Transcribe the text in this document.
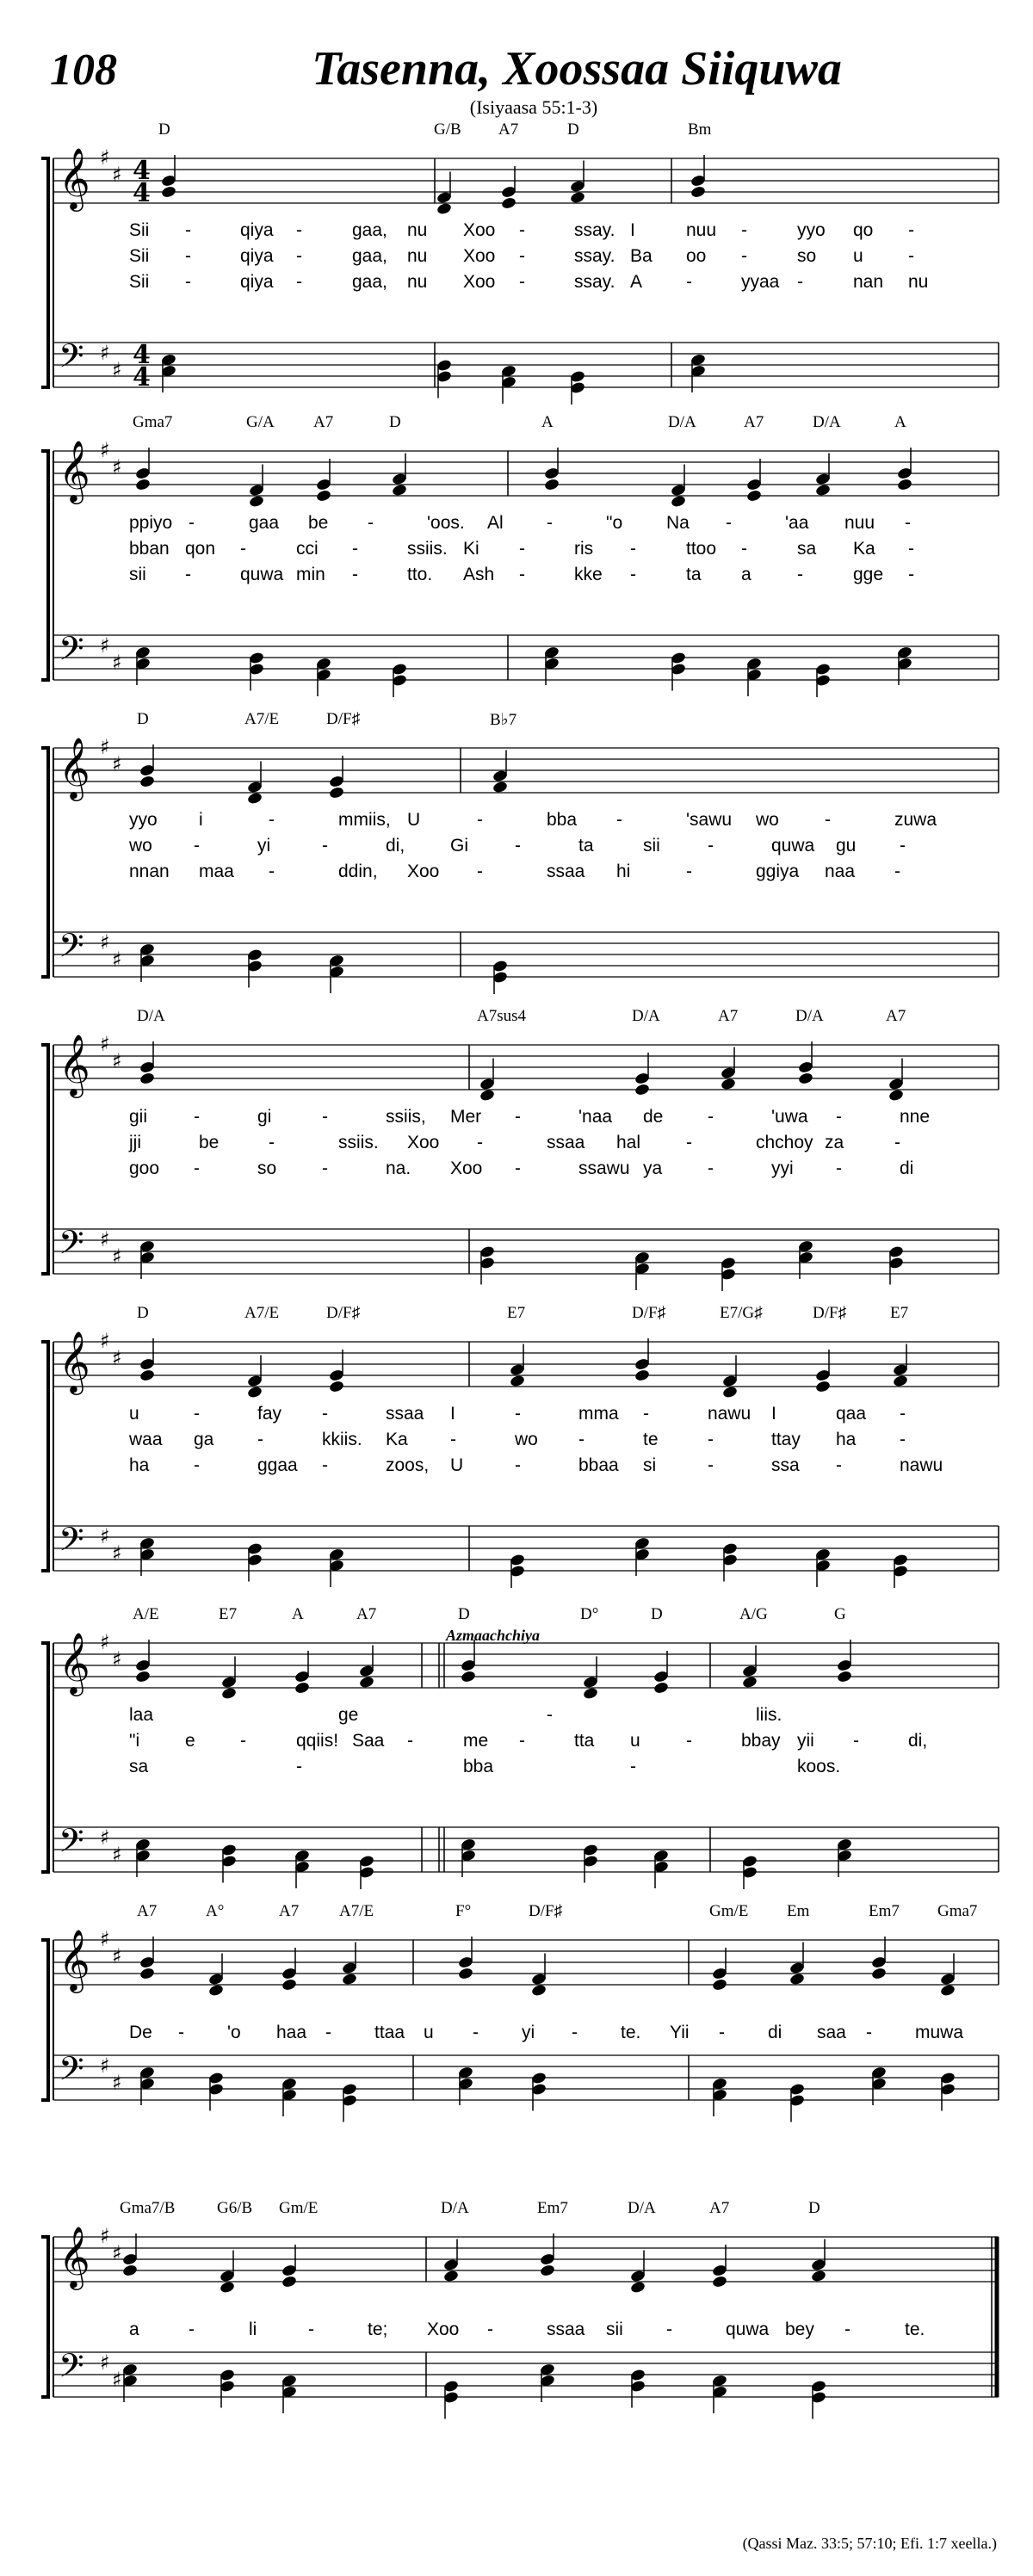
108	Tasenna, Xoossaa Siiquwa
(Isiyaasa 55:1-3)
𝄞 ♯
♯ 4
4
𝄢 ♯
♯ 4
4
D	G/B A7	D	Bm
Sii -	qiya -	gaa, nu Xoo -	ssay. I	nuu -	yyo qo -
Sii -	qiya -	gaa, nu Xoo -	ssay. Ba oo -	so u -
Sii -	qiya -	gaa, nu Xoo -	ssay. A -	yyaa -	nan nu
𝄞 ♯
♯
𝄢 ♯
♯
Gma7	G/A A7	D	A	D/A	A7	D/A	A
ppiyo -	gaa be -	'oos. Al -	"o Na -	'aa nuu -
bban qon -	cci -	ssiis. Ki -	ris -	ttoo -	sa Ka -
sii -	quwa min -	tto. Ash -	kke -	ta a	-	gge -
𝄞 ♯
♯
𝄢 ♯
♯
D	A7/E	D/F♯	B♭7
yyo i	-	mmiis, U	-	bba -	'sawu wo	-	zuwa
wo -	yi	-	di,	Gi	-	ta	sii	-	quwa gu -
nnan maa -	ddin, Xoo -	ssaa hi	-	ggiya naa -
𝄞 ♯
♯
𝄢 ♯
♯
D/A	A7sus4	D/A	A7	D/A	A7
gii	-	gi	-	ssiis, Mer -	'naa de -	'uwa -	nne
jji	be	-	ssiis. Xoo -	ssaa hal	-	chchoy za	-
goo -	so	-	na. Xoo -	ssawu ya	-	yyi -	di
𝄞 ♯
♯
𝄢 ♯
♯
D	A7/E	D/F♯	E7	D/F♯	E7/G♯	D/F♯	E7
u	-	fay -	ssaa I	-	mma -	nawu I	qaa -
waa ga -	kkiis. Ka -	wo -	te	-	ttay ha -
ha -	ggaa -	zoos, U	-	bbaa si	-	ssa -	nawu
𝄞 ♯
♯
𝄢 ♯
♯
A/E	E7	A	A7	D	D°	D	A/G	G
laa	ge	-	liis.
"i	e -	qqiis! Saa -	me -	tta u	-	bbay yii -	di,
sa	-	bba	-	koos.
𝄞 ♯
♯
𝄢 ♯
♯
A7	A°	A7 A7/E	F°	D/F♯	Gm/E Em	Em7 Gma7
De - 'o haa - ttaa u - yi - te. Yii - di saa - muwa
𝄞 ♯
♯
𝄢 ♯
♯
Gma7/B	G6/B Gm/E	D/A	Em7	D/A	A7	D
a	-	li	-	te; Xoo -	ssaa sii -	quwa bey -	te.
Azmaachchiya
(Qassi Maz. 33:5; 57:10; Efi. 1:7 xeella.)
